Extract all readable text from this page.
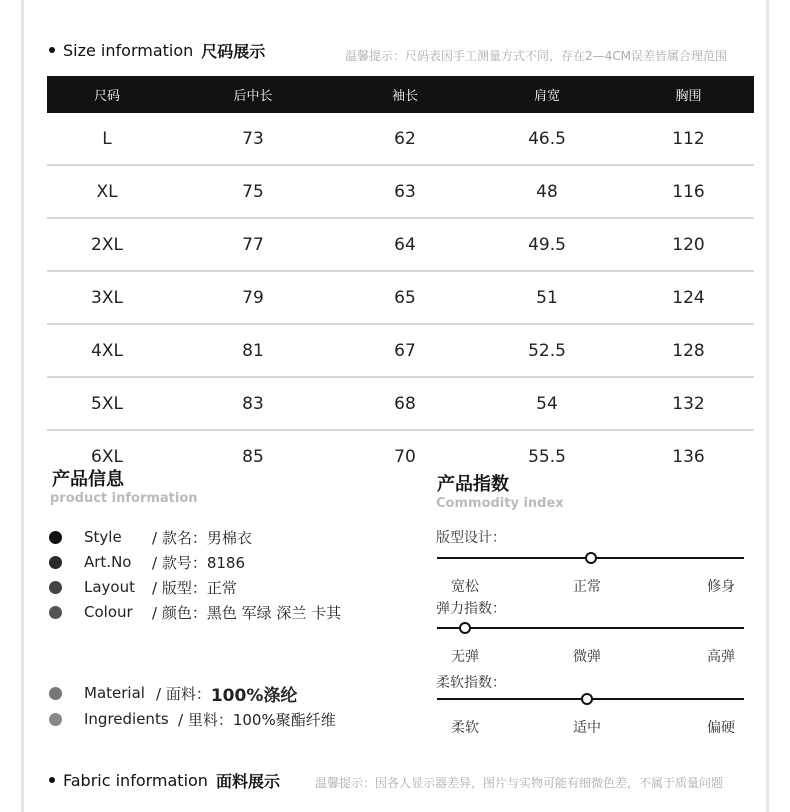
Size information 尺码展示	温馨提示：尺码表因手工测量方式不同，存在2—4CM误差皆属合理范围
尺码	后中长	袖长	肩宽	胸围
L	73	62	46.5	112
XL	75	63	48	116
2XL	77	64	49.5	120
3XL	79	65	51	124
4XL	81	67	52.5	128
5XL	83	68	54	132
6XL	85	70	55.5	136
产品信息
product information
Style	/ 款名：男棉衣
Art.No	/ 款号：8186
Layout	/ 版型：正常
Colour	/ 颜色：黑色 军绿 深兰 卡其
Material / 面料： 100%涤纶
Ingredients / 里料：100%聚酯纤维
产品指数
Commodity index
版型设计：
宽松	正常	修身
弹力指数：
无弹	微弹	高弹
柔软指数：
柔软	适中	偏硬
Fabric information 面料展示	温馨提示：因各人显示器差异，图片与实物可能有细微色差，不属于质量问题
